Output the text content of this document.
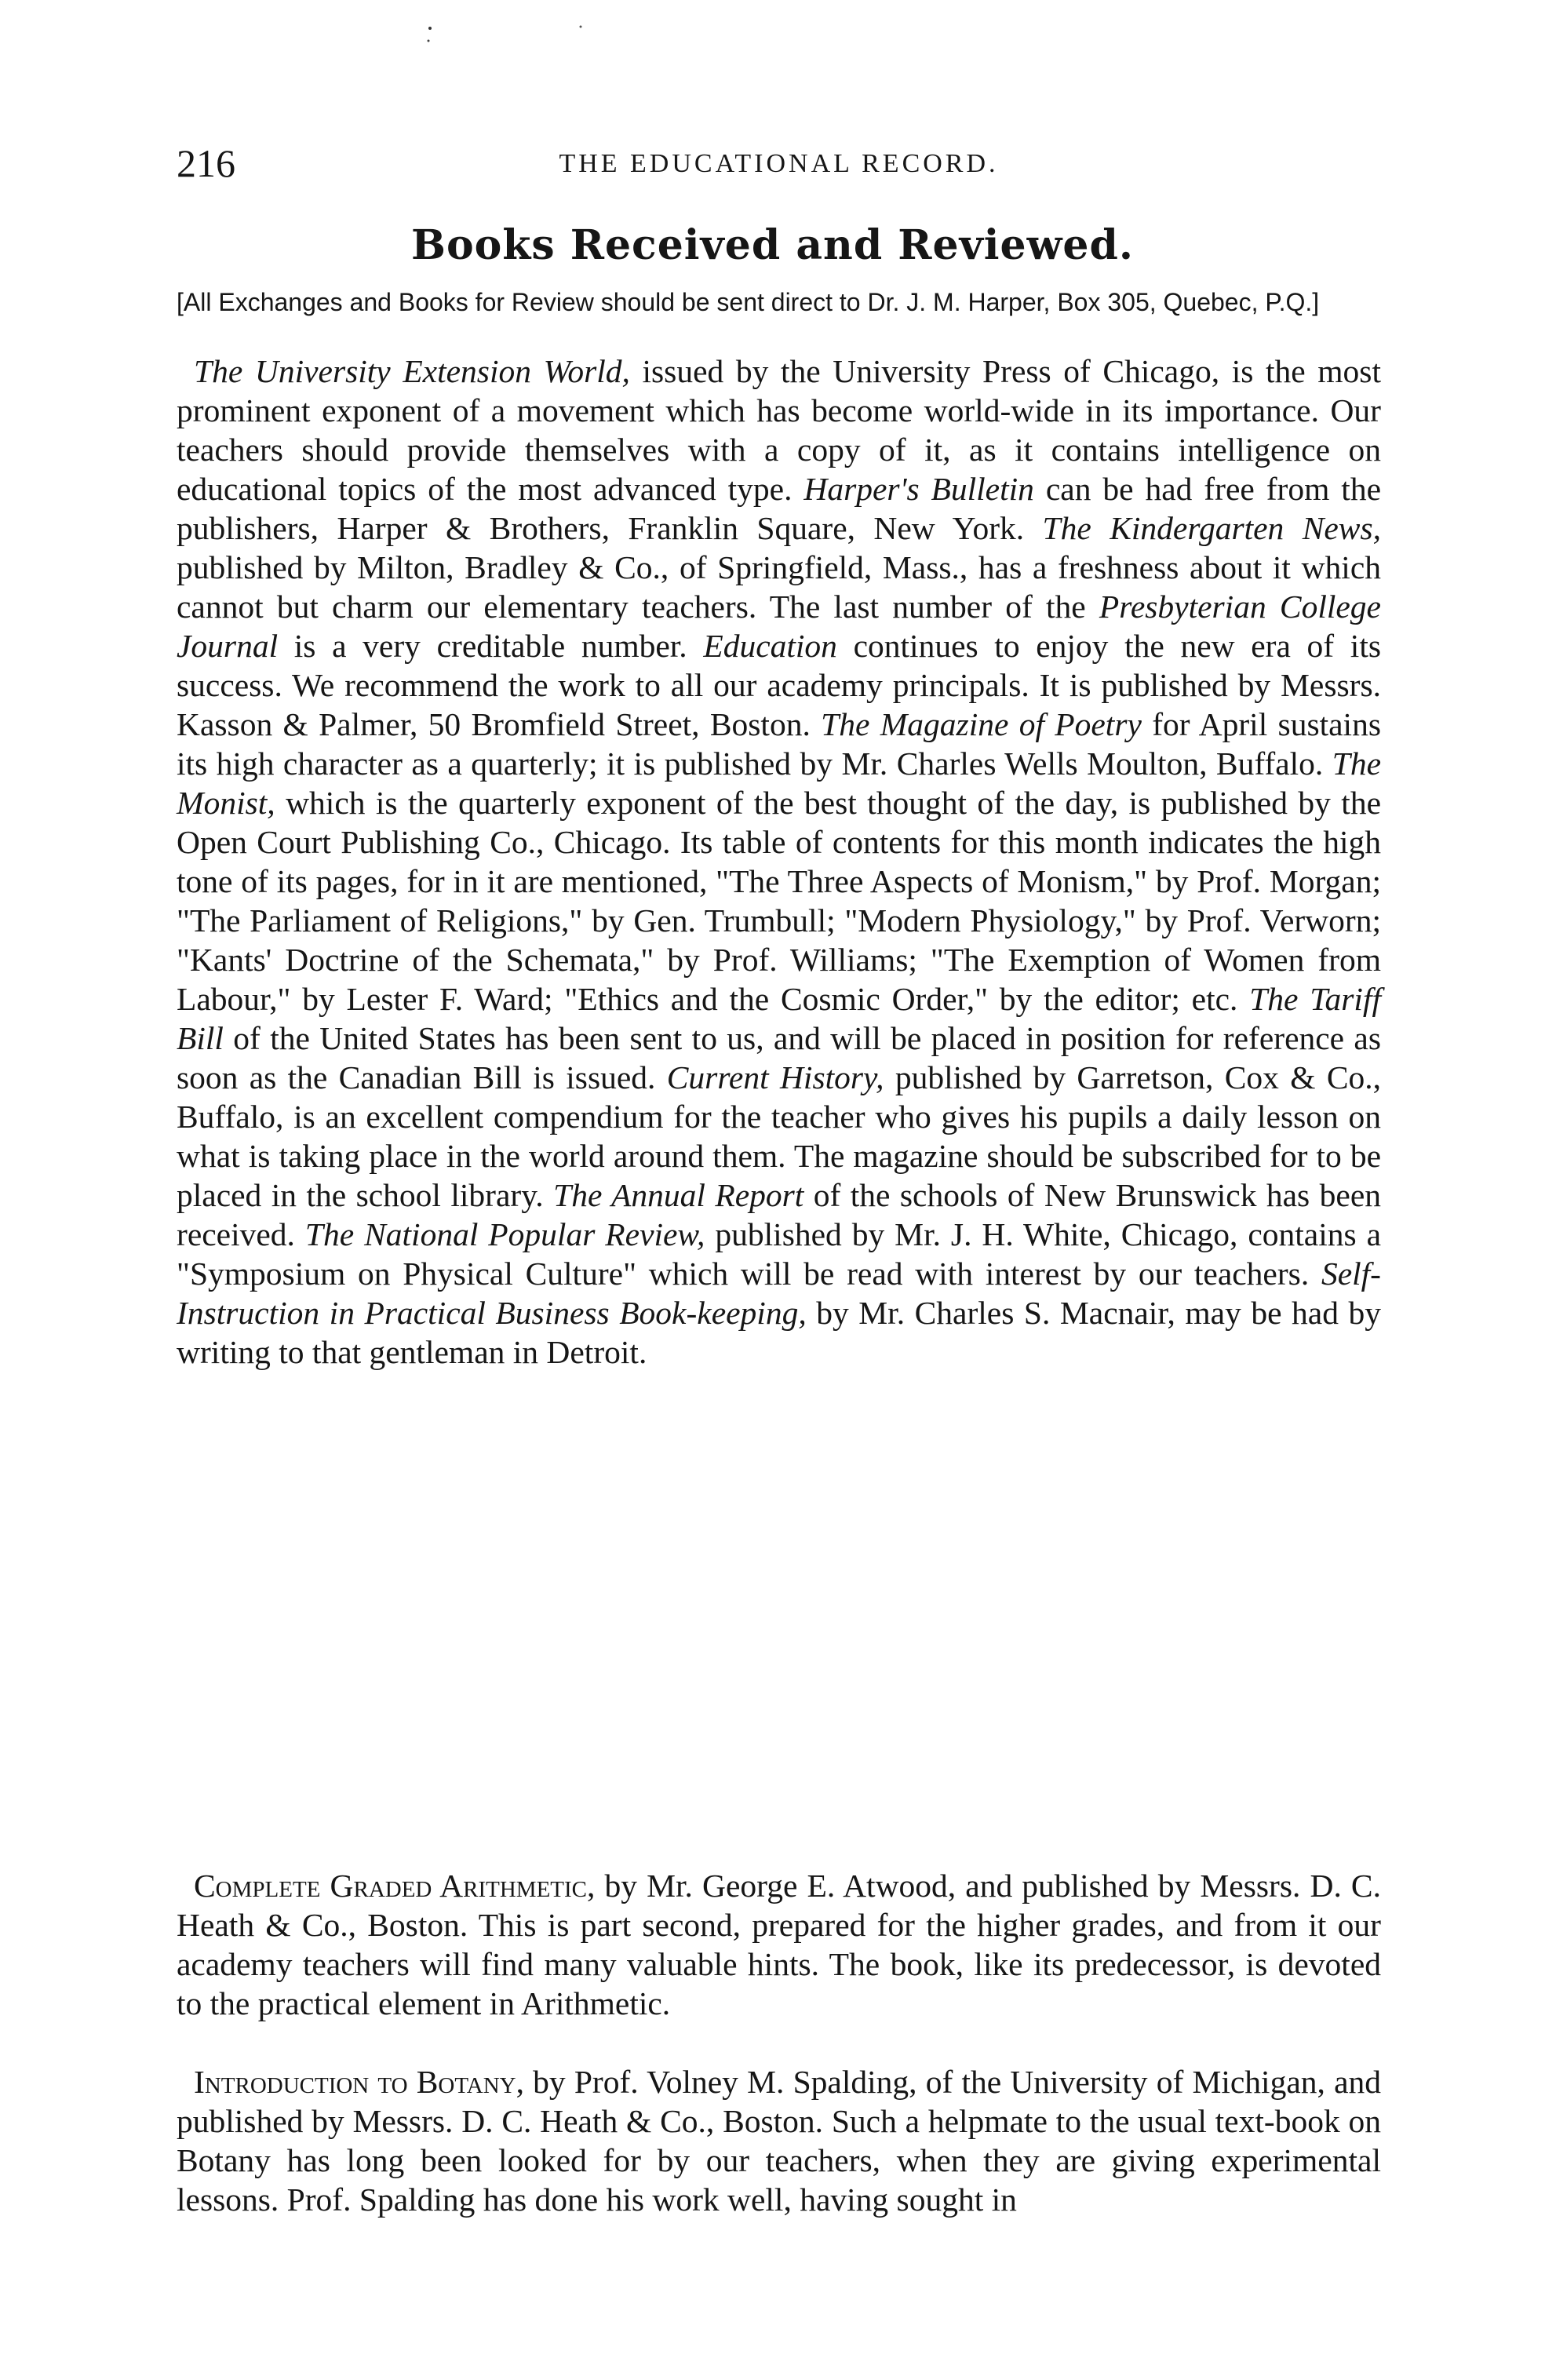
216	THE EDUCATIONAL RECORD.
Books Received and Reviewed.

[All Exchanges and Books for Review should be sent direct to Dr. J. M. Harper, Box 305, Quebec, P.Q.]

The University Extension World, issued by the University Press of Chicago, is the most prominent exponent of a movement which has become world-wide in its importance. Our teachers should provide themselves with a copy of it, as it contains intelligence on educational topics of the most advanced type. Harper's Bulletin can be had free from the publishers, Harper & Brothers, Franklin Square, New York. The Kindergarten News, published by Milton, Bradley & Co., of Springfield, Mass., has a freshness about it which cannot but charm our elementary teachers. The last number of the Presbyterian College Journal is a very creditable number. Education continues to enjoy the new era of its success. We recommend the work to all our academy principals. It is published by Messrs. Kasson & Palmer, 50 Bromfield Street, Boston. The Magazine of Poetry for April sustains its high character as a quarterly; it is published by Mr. Charles Wells Moulton, Buffalo. The Monist, which is the quarterly exponent of the best thought of the day, is published by the Open Court Publishing Co., Chicago. Its table of contents for this month indicates the high tone of its pages, for in it are mentioned, "The Three Aspects of Monism," by Prof. Morgan; "The Parliament of Religions," by Gen. Trumbull; "Modern Physiology," by Prof. Verworn; "Kants' Doctrine of the Schemata," by Prof. Williams; "The Exemption of Women from Labour," by Lester F. Ward; "Ethics and the Cosmic Order," by the editor; etc. The Tariff Bill of the United States has been sent to us, and will be placed in position for reference as soon as the Canadian Bill is issued. Current History, published by Garretson, Cox & Co., Buffalo, is an excellent compendium for the teacher who gives his pupils a daily lesson on what is taking place in the world around them. The magazine should be subscribed for to be placed in the school library. The Annual Report of the schools of New Brunswick has been received. The National Popular Review, published by Mr. J. H. White, Chicago, contains a "Symposium on Physical Culture" which will be read with interest by our teachers. Self-Instruction in Practical Business Book-keeping, by Mr. Charles S. Macnair, may be had by writing to that gentleman in Detroit.

Complete Graded Arithmetic, by Mr. George E. Atwood, and published by Messrs. D. C. Heath & Co., Boston. This is part second, prepared for the higher grades, and from it our academy teachers will find many valuable hints. The book, like its predecessor, is devoted to the practical element in Arithmetic.

Introduction to Botany, by Prof. Volney M. Spalding, of the University of Michigan, and published by Messrs. D. C. Heath & Co., Boston. Such a helpmate to the usual text-book on Botany has long been looked for by our teachers, when they are giving experimental lessons. Prof. Spalding has done his work well, having sought in
